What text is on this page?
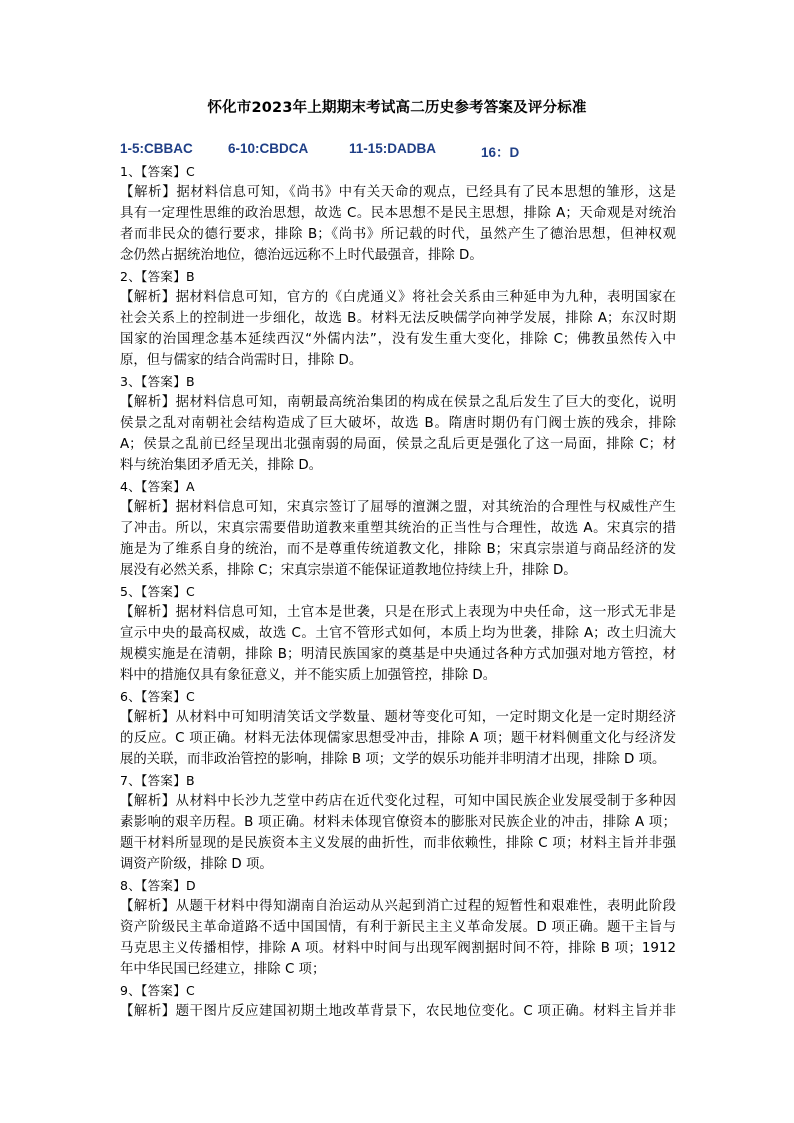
怀化市2023年上期期末考试高二历史参考答案及评分标准
1-5:CBBAC	6-10:CBDCA	11-15:DADBA	16：D

1、【答案】C

【解析】据材料信息可知，《尚书》中有关天命的观点，已经具有了民本思想的雏形，这是

具有一定理性思维的政治思想，故选 C。民本思想不是民主思想，排除 A；天命观是对统治

者而非民众的德行要求，排除 B；《尚书》所记载的时代，虽然产生了德治思想，但神权观

念仍然占据统治地位，德治远远称不上时代最强音，排除 D。

2、【答案】B

【解析】据材料信息可知，官方的《白虎通义》将社会关系由三种延申为九种，表明国家在

社会关系上的控制进一步细化，故选 B。材料无法反映儒学向神学发展，排除 A；东汉时期

国家的治国理念基本延续西汉“外儒内法”，没有发生重大变化，排除 C；佛教虽然传入中

原，但与儒家的结合尚需时日，排除 D。

3、【答案】B

【解析】据材料信息可知，南朝最高统治集团的构成在侯景之乱后发生了巨大的变化，说明

侯景之乱对南朝社会结构造成了巨大破坏，故选 B。隋唐时期仍有门阀士族的残余，排除

A；侯景之乱前已经呈现出北强南弱的局面，侯景之乱后更是强化了这一局面，排除 C；材

料与统治集团矛盾无关，排除 D。

4、【答案】A

【解析】据材料信息可知，宋真宗签订了屈辱的澶渊之盟，对其统治的合理性与权威性产生

了冲击。所以，宋真宗需要借助道教来重塑其统治的正当性与合理性，故选 A。宋真宗的措

施是为了维系自身的统治，而不是尊重传统道教文化，排除 B；宋真宗崇道与商品经济的发

展没有必然关系，排除 C；宋真宗崇道不能保证道教地位持续上升，排除 D。

5、【答案】C

【解析】据材料信息可知，土官本是世袭，只是在形式上表现为中央任命，这一形式无非是

宣示中央的最高权威，故选 C。土官不管形式如何，本质上均为世袭，排除 A；改土归流大

规模实施是在清朝，排除 B；明清民族国家的奠基是中央通过各种方式加强对地方管控，材

料中的措施仅具有象征意义，并不能实质上加强管控，排除 D。

6、【答案】C

【解析】从材料中可知明清笑话文学数量、题材等变化可知，一定时期文化是一定时期经济

的反应。C 项正确。材料无法体现儒家思想受冲击，排除 A 项；题干材料侧重文化与经济发

展的关联，而非政治管控的影响，排除 B 项；文学的娱乐功能并非明清才出现，排除 D 项。

7、【答案】B

【解析】从材料中长沙九芝堂中药店在近代变化过程，可知中国民族企业发展受制于多种因

素影响的艰辛历程。B 项正确。材料未体现官僚资本的膨胀对民族企业的冲击，排除 A 项；

题干材料所显现的是民族资本主义发展的曲折性，而非依赖性，排除 C 项；材料主旨并非强

调资产阶级，排除 D 项。

8、【答案】D

【解析】从题干材料中得知湖南自治运动从兴起到消亡过程的短暂性和艰难性，表明此阶段

资产阶级民主革命道路不适中国国情，有利于新民主主义革命发展。D 项正确。题干主旨与

马克思主义传播相悖，排除 A 项。材料中时间与出现军阀割据时间不符，排除 B 项；1912

年中华民国已经建立，排除 C 项；

9、【答案】C

【解析】题干图片反应建国初期土地改革背景下，农民地位变化。C 项正确。材料主旨并非
